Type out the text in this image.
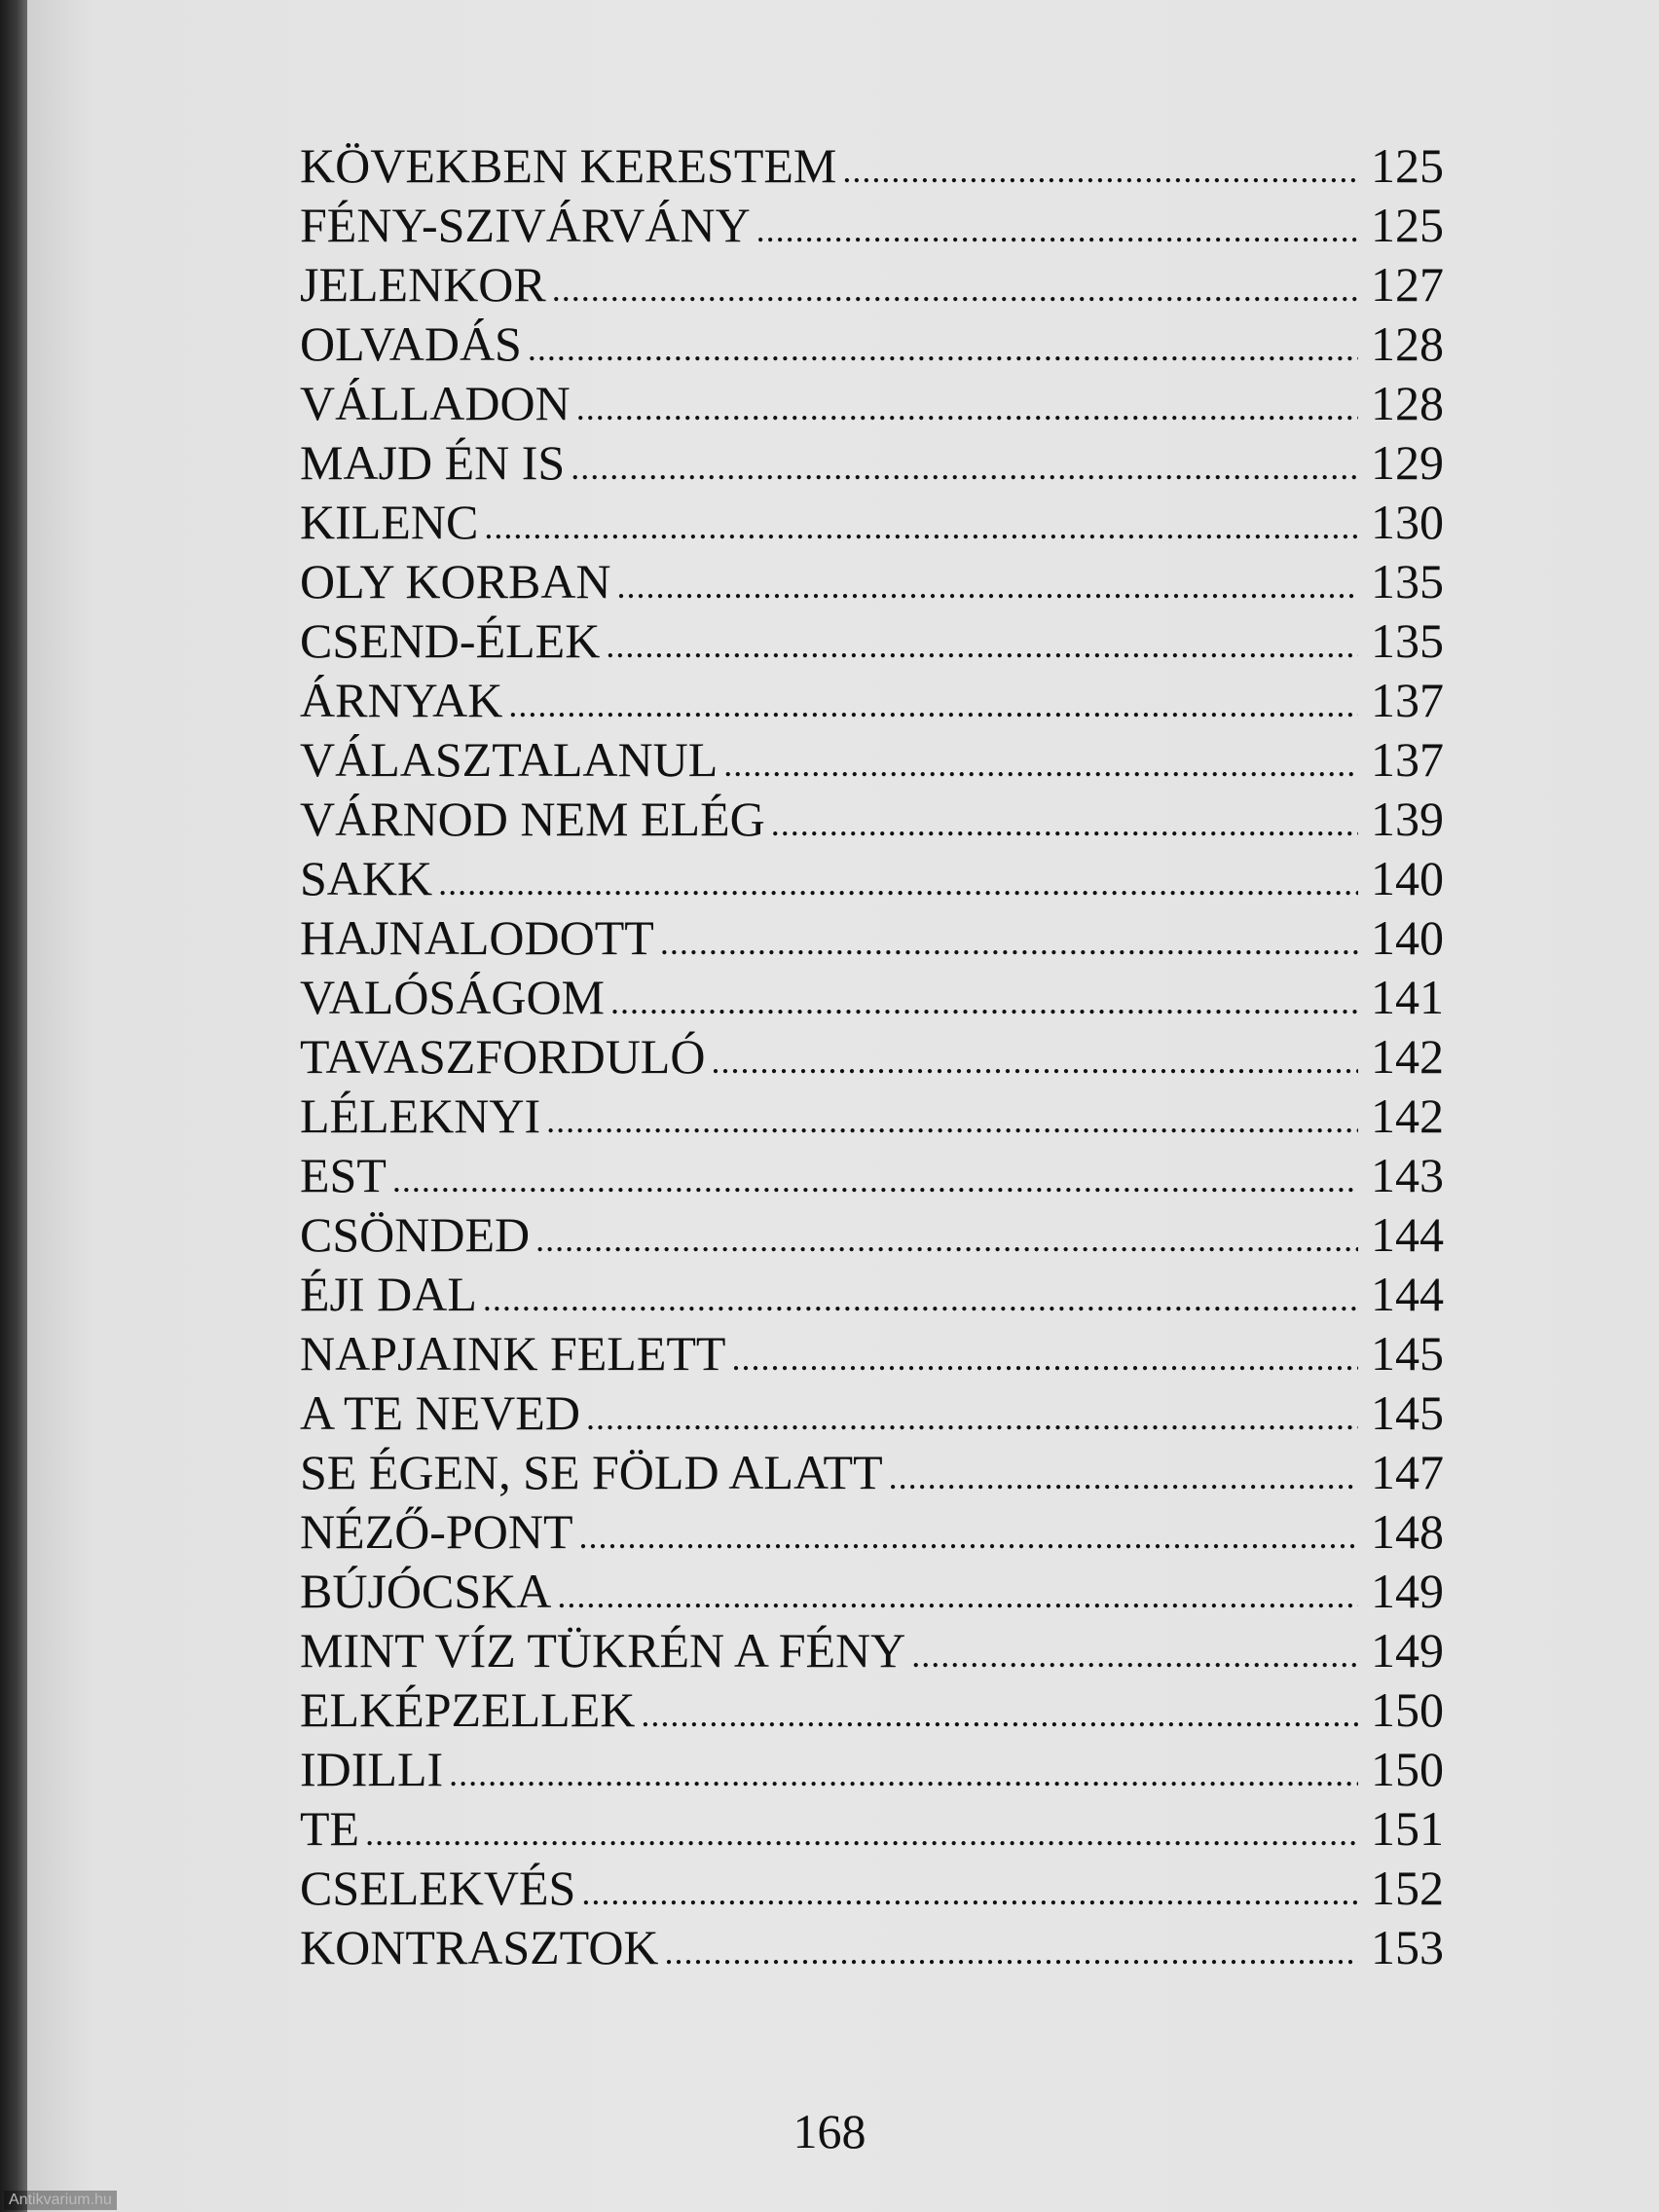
KÖVEKBEN KERESTEM .....	125
FÉNY-SZIVÁRVÁNY .....	125
JELENKOR .....	127
OLVADÁS .....	128
VÁLLADON .....	128
MAJD ÉN IS .....	129
KILENC .....	130
OLY KORBAN .....	135
CSEND-ÉLEK .....	135
ÁRNYAK .....	137
VÁLASZTALANUL .....	137
VÁRNOD NEM ELÉG .....	139
SAKK .....	140
HAJNALODOTT .....	140
VALÓSÁGOM .....	141
TAVASZFORDULÓ .....	142
LÉLEKNYI .....	142
EST .....	143
CSÖNDED .....	144
ÉJI DAL .....	144
NAPJAINK FELETT .....	145
A TE NEVED .....	145
SE ÉGEN, SE FÖLD ALATT .....	147
NÉZŐ-PONT .....	148
BÚJÓCSKA .....	149
MINT VÍZ TÜKRÉN A FÉNY .....	149
ELKÉPZELLEK .....	150
IDILLI .....	150
TE .....	151
CSELEKVÉS .....	152
KONTRASZTOK .....	153
168
Antikvarium.hu
